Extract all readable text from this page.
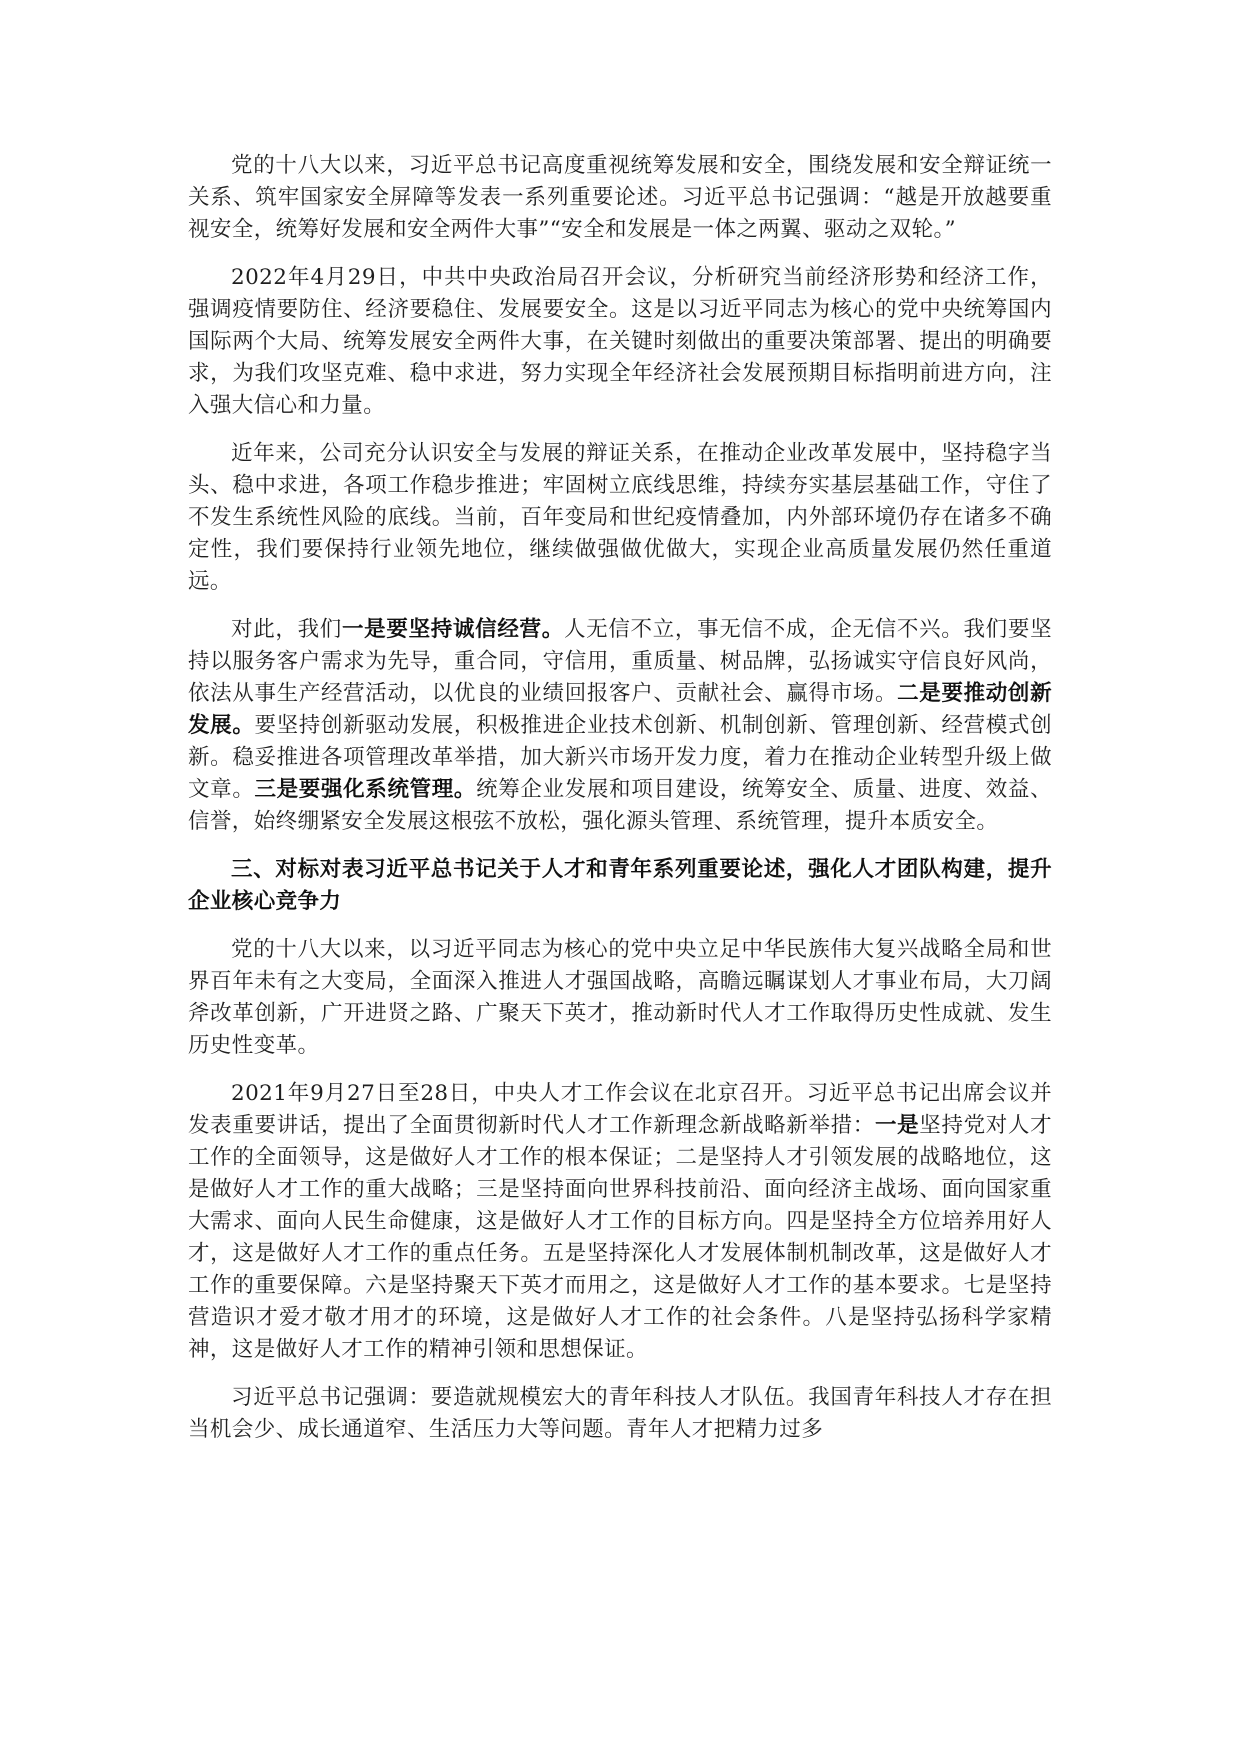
党的十八大以来，习近平总书记高度重视统筹发展和安全，围绕发展和安全辩证统一关系、筑牢国家安全屏障等发表一系列重要论述。习近平总书记强调：“越是开放越要重视安全，统筹好发展和安全两件大事”“安全和发展是一体之两翼、驱动之双轮。”

2022年4月29日，中共中央政治局召开会议，分析研究当前经济形势和经济工作，强调疫情要防住、经济要稳住、发展要安全。这是以习近平同志为核心的党中央统筹国内国际两个大局、统筹发展安全两件大事，在关键时刻做出的重要决策部署、提出的明确要求，为我们攻坚克难、稳中求进，努力实现全年经济社会发展预期目标指明前进方向，注入强大信心和力量。

近年来，公司充分认识安全与发展的辩证关系，在推动企业改革发展中，坚持稳字当头、稳中求进，各项工作稳步推进；牢固树立底线思维，持续夯实基层基础工作，守住了不发生系统性风险的底线。当前，百年变局和世纪疫情叠加，内外部环境仍存在诸多不确定性，我们要保持行业领先地位，继续做强做优做大，实现企业高质量发展仍然任重道远。

对此，我们一是要坚持诚信经营。人无信不立，事无信不成，企无信不兴。我们要坚持以服务客户需求为先导，重合同，守信用，重质量、树品牌，弘扬诚实守信良好风尚，依法从事生产经营活动，以优良的业绩回报客户、贡献社会、赢得市场。二是要推动创新发展。要坚持创新驱动发展，积极推进企业技术创新、机制创新、管理创新、经营模式创新。稳妥推进各项管理改革举措，加大新兴市场开发力度，着力在推动企业转型升级上做文章。三是要强化系统管理。统筹企业发展和项目建设，统筹安全、质量、进度、效益、信誉，始终绷紧安全发展这根弦不放松，强化源头管理、系统管理，提升本质安全。

三、对标对表习近平总书记关于人才和青年系列重要论述，强化人才团队构建，提升企业核心竞争力

党的十八大以来，以习近平同志为核心的党中央立足中华民族伟大复兴战略全局和世界百年未有之大变局，全面深入推进人才强国战略，高瞻远瞩谋划人才事业布局，大刀阔斧改革创新，广开进贤之路、广聚天下英才，推动新时代人才工作取得历史性成就、发生历史性变革。

2021年9月27日至28日，中央人才工作会议在北京召开。习近平总书记出席会议并发表重要讲话，提出了全面贯彻新时代人才工作新理念新战略新举措：一是坚持党对人才工作的全面领导，这是做好人才工作的根本保证；二是坚持人才引领发展的战略地位，这是做好人才工作的重大战略；三是坚持面向世界科技前沿、面向经济主战场、面向国家重大需求、面向人民生命健康，这是做好人才工作的目标方向。四是坚持全方位培养用好人才，这是做好人才工作的重点任务。五是坚持深化人才发展体制机制改革，这是做好人才工作的重要保障。六是坚持聚天下英才而用之，这是做好人才工作的基本要求。七是坚持营造识才爱才敬才用才的环境，这是做好人才工作的社会条件。八是坚持弘扬科学家精神，这是做好人才工作的精神引领和思想保证。

习近平总书记强调：要造就规模宏大的青年科技人才队伍。我国青年科技人才存在担当机会少、成长通道窄、生活压力大等问题。青年人才把精力过多
